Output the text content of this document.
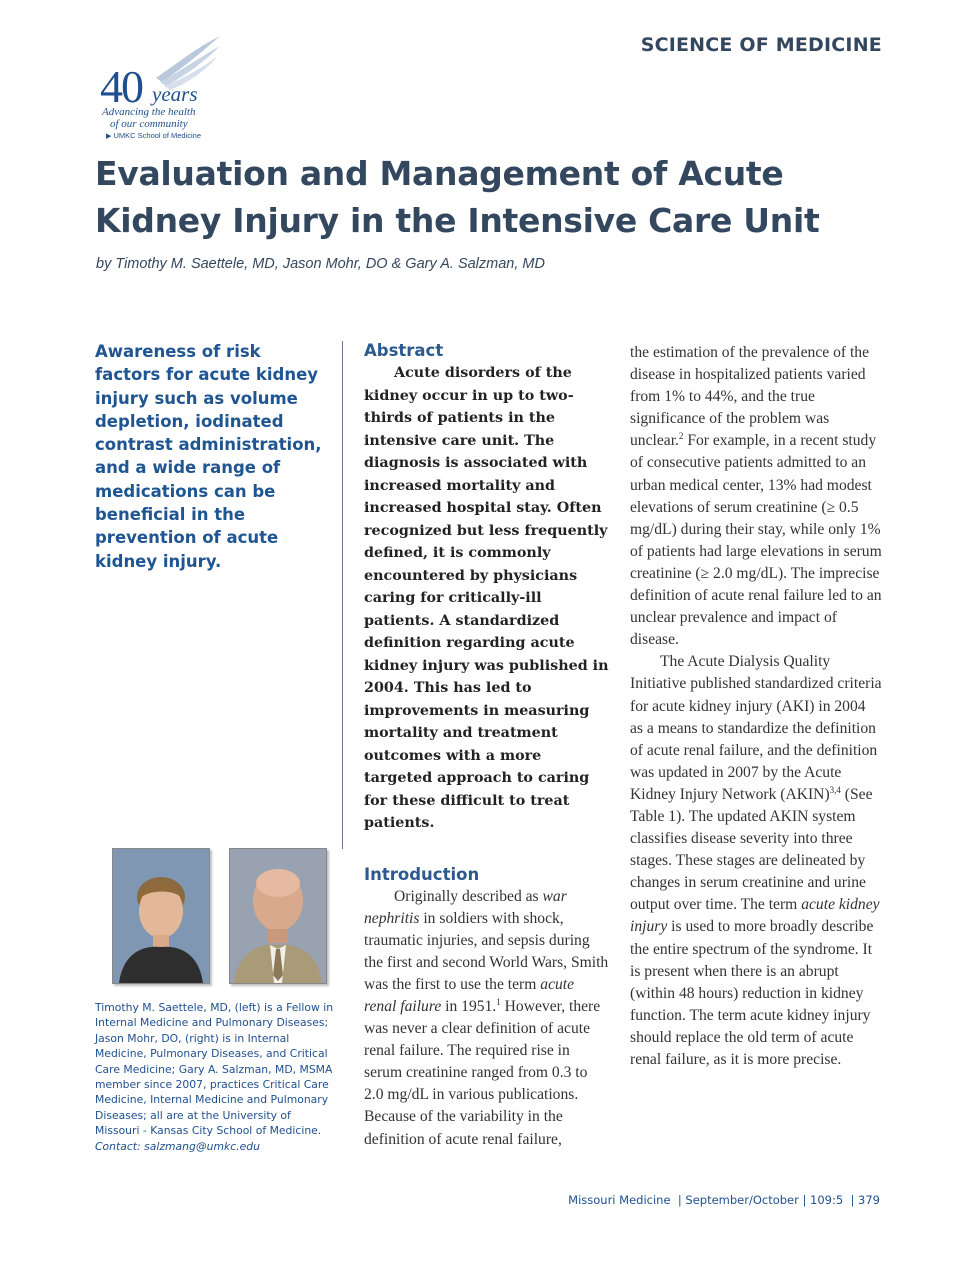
SCIENCE OF MEDICINE
40 years
Advancing the health
of our community
▶ UMKC School of Medicine
Evaluation and Management of Acute
Kidney Injury in the Intensive Care Unit
by Timothy M. Saettele, MD, Jason Mohr, DO & Gary A. Salzman, MD
Awareness of risk factors for acute kidney injury such as volume depletion, iodinated contrast administration, and a wide range of medications can be beneficial in the prevention of acute kidney injury.
Timothy M. Saettele, MD, (left) is a Fellow in Internal Medicine and Pulmonary Diseases; Jason Mohr, DO, (right) is in Internal Medicine, Pulmonary Diseases, and Critical Care Medicine; Gary A. Salzman, MD, MSMA member since 2007, practices Critical Care Medicine, Internal Medicine and Pulmonary Diseases; all are at the University of Missouri - Kansas City School of Medicine.
Contact: salzmang@umkc.edu
Abstract

Acute disorders of the kidney occur in up to two-thirds of patients in the intensive care unit. The diagnosis is associated with increased mortality and increased hospital stay. Often recognized but less frequently defined, it is commonly encountered by physicians caring for critically-ill patients. A standardized definition regarding acute kidney injury was published in 2004. This has led to improvements in measuring mortality and treatment outcomes with a more targeted approach to caring for these difficult to treat patients.

Introduction

Originally described as war nephritis in soldiers with shock, traumatic injuries, and sepsis during the first and second World Wars, Smith was the first to use the term acute renal failure in 1951.$^1$ However, there was never a clear definition of acute renal failure. The required rise in serum creatinine ranged from 0.3 to 2.0 mg/dL in various publications. Because of the variability in the definition of acute renal failure,

the estimation of the prevalence of the disease in hospitalized patients varied from 1% to 44%, and the true significance of the problem was unclear.$^2$ For example, in a recent study of consecutive patients admitted to an urban medical center, 13% had modest elevations of serum creatinine (≥ 0.5 mg/dL) during their stay, while only 1% of patients had large elevations in serum creatinine (≥ 2.0 mg/dL). The imprecise definition of acute renal failure led to an unclear prevalence and impact of disease.

The Acute Dialysis Quality Initiative published standardized criteria for acute kidney injury (AKI) in 2004 as a means to standardize the definition of acute renal failure, and the definition was updated in 2007 by the Acute Kidney Injury Network (AKIN)$^{3,4}$ (See Table 1). The updated AKIN system classifies disease severity into three stages. These stages are delineated by changes in serum creatinine and urine output over time. The term acute kidney injury is used to more broadly describe the entire spectrum of the syndrome. It is present when there is an abrupt (within 48 hours) reduction in kidney function. The term acute kidney injury should replace the old term of acute renal failure, as it is more precise.

Missouri Medicine | September/October | 109:5 | 379
